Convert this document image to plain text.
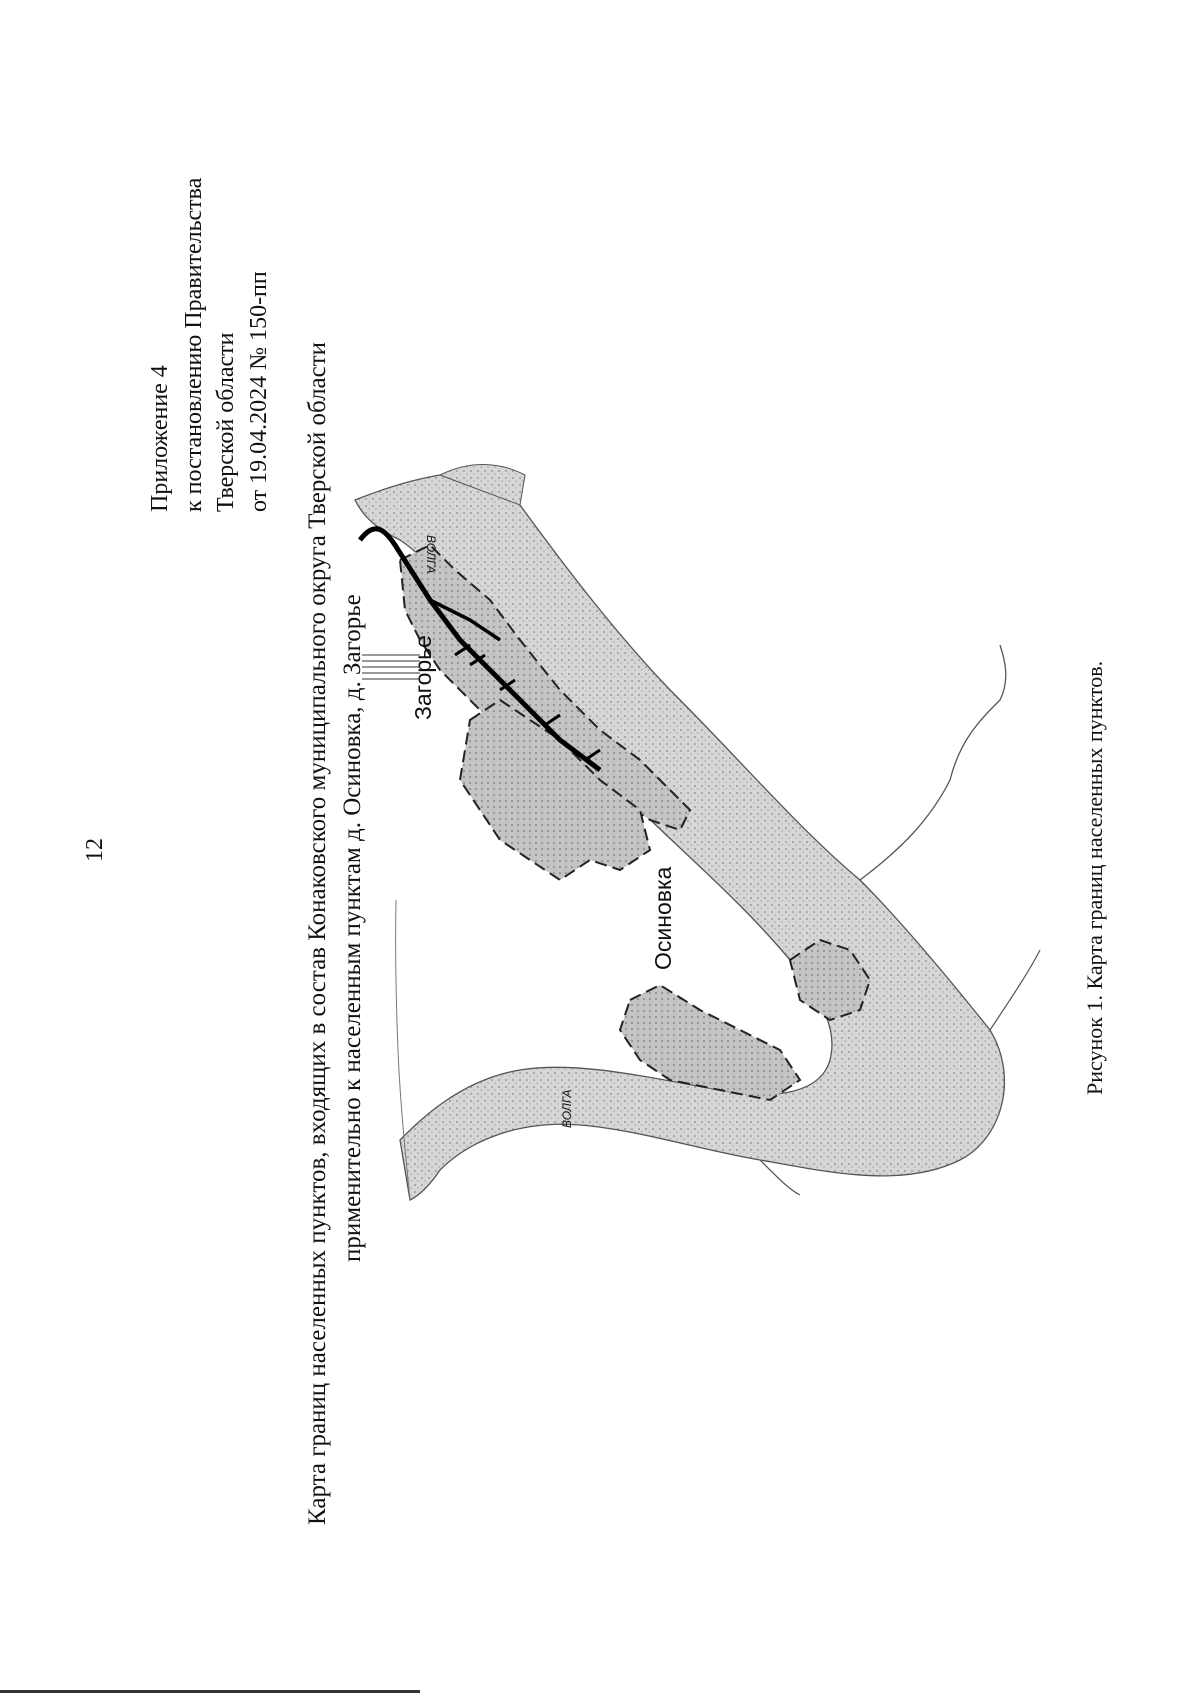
12
Приложение 4 к постановлению Правительства Тверской области от 19.04.2024 № 150-пп Карта границ населенных пунктов, входящих в состав Конаковского муниципального округа Тверской области применительно к населенным пунктам д. Осиновка, д. Загорье Загорье
Осиновка
ВОЛГА
ВОЛГА
Рисунок 1. Карта границ населенных пунктов.
